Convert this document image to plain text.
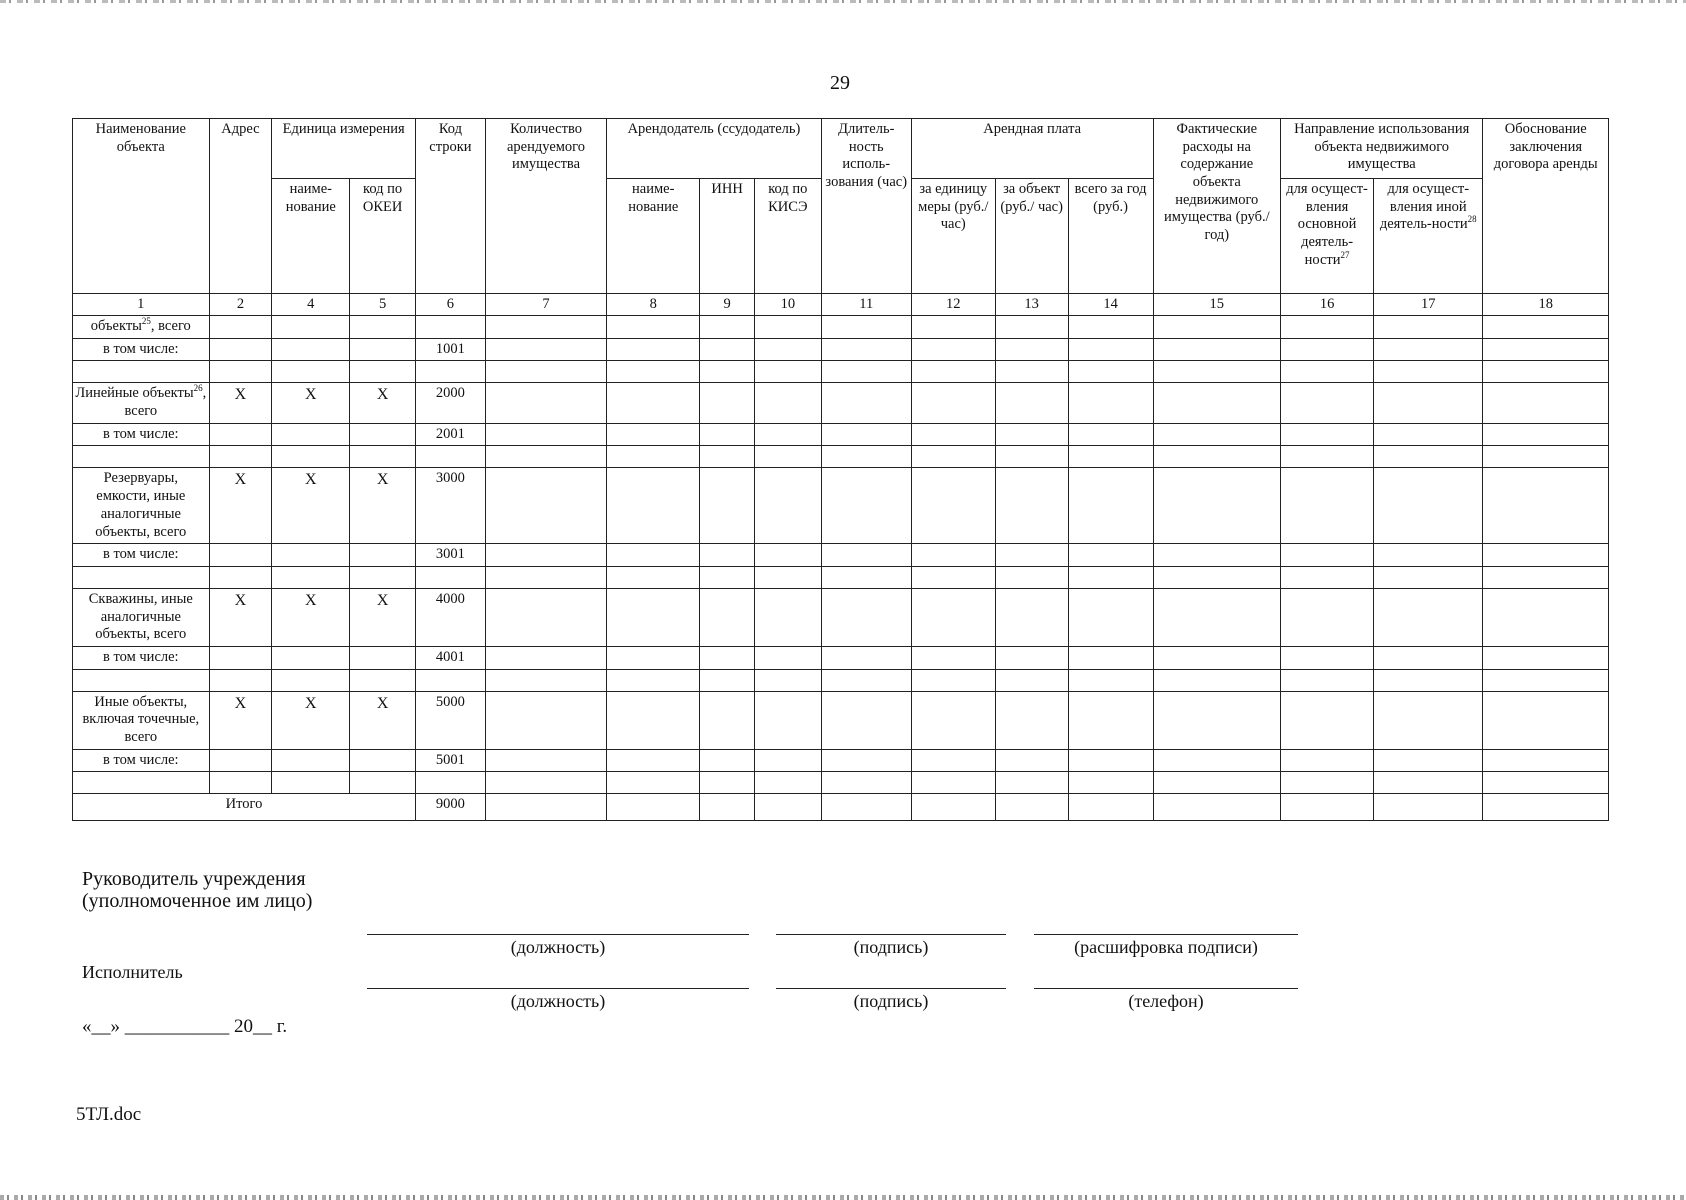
29
Наименование объекта	Адрес	Единица измерения		Код строки	Количество арендуемого имущества	Арендодатель (ссудодатель)			Длитель-ность исполь-зования (час)	Арендная плата			Фактические расходы на содержание объекта недвижимого имущества (руб./ год)	Направление использования объекта недвижимого имущества		Обоснование заключения договора аренды
		наиме-нование	код по ОКЕИ			наиме-нование	ИНН	код по КИСЭ		за единицу меры (руб./ час)	за объект (руб./ час)	всего за год (руб.)		для осущест-вления основной деятель-ности$^{27}$	для осущест-вления иной деятель-ности$^{28}$
1	2	4	5	6	7	8	9	10	11	12	13	14	15	16	17	18
объекты$^{25}$, всего																
в том числе:				1001												

Линейные объекты$^{26}$, всего	Х	Х	Х	2000												
в том числе:				2001												

Резервуары, емкости, иные аналогичные объекты, всего	Х	Х	Х	3000												
в том числе:				3001												

Скважины, иные аналогичные объекты, всего	Х	Х	Х	4000												
в том числе:				4001												

Иные объекты, включая точечные, всего	Х	Х	Х	5000												
в том числе:				5001												

Итого				9000												
Руководитель учреждения
(уполномоченное им лицо)
(должность)	(подпись)	(расшифровка подписи)
Исполнитель
(должность)	(подпись)	(телефон)
«__» ___________ 20__ г.
5ТЛ.doc
